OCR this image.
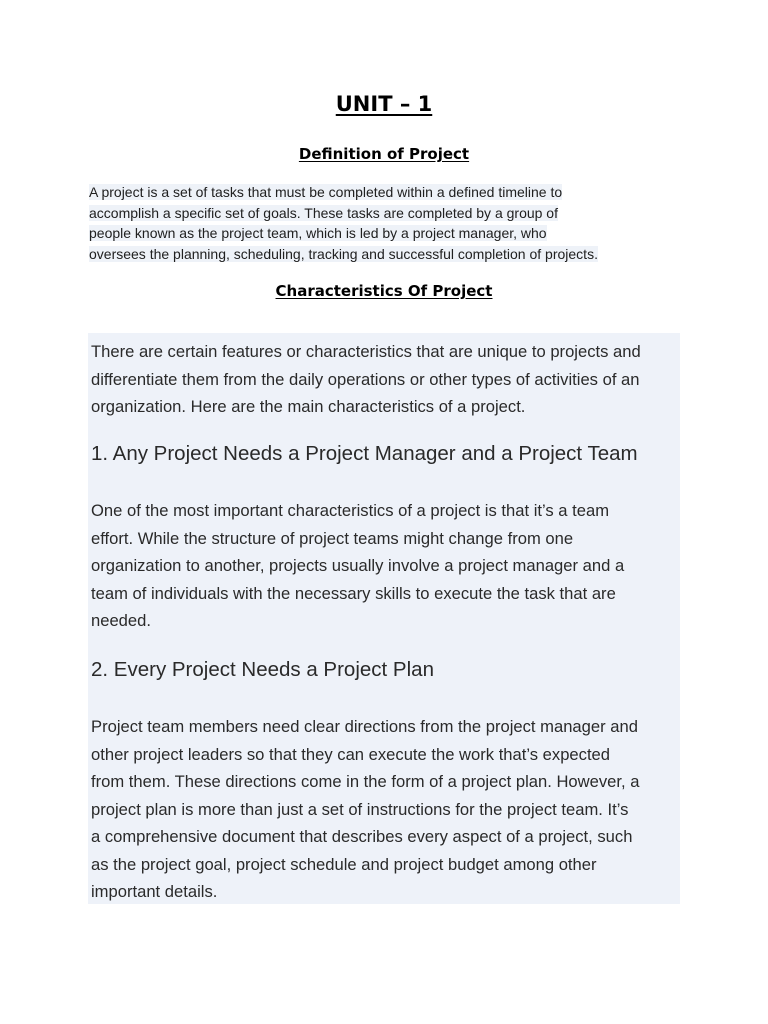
UNIT – 1
Definition of Project
A project is a set of tasks that must be completed within a defined timeline to
accomplish a specific set of goals. These tasks are completed by a group of
people known as the project team, which is led by a project manager, who
oversees the planning, scheduling, tracking and successful completion of projects.
Characteristics Of Project
There are certain features or characteristics that are unique to projects and
differentiate them from the daily operations or other types of activities of an
organization. Here are the main characteristics of a project.
1. Any Project Needs a Project Manager and a Project Team
One of the most important characteristics of a project is that it’s a team
effort. While the structure of project teams might change from one
organization to another, projects usually involve a project manager and a
team of individuals with the necessary skills to execute the task that are
needed.
2. Every Project Needs a Project Plan
Project team members need clear directions from the project manager and
other project leaders so that they can execute the work that’s expected
from them. These directions come in the form of a project plan. However, a
project plan is more than just a set of instructions for the project team. It’s
a comprehensive document that describes every aspect of a project, such
as the project goal, project schedule and project budget among other
important details.
